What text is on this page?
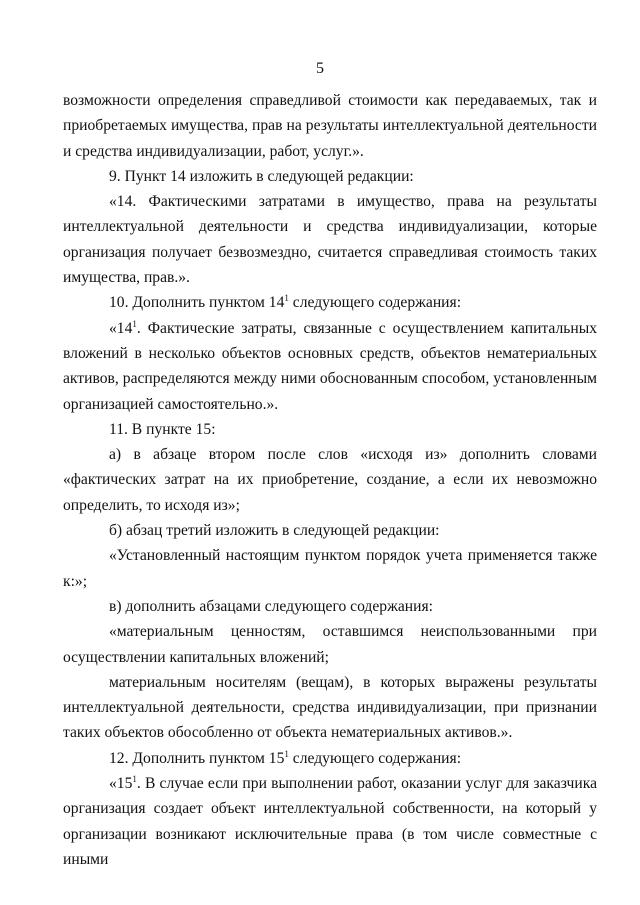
5

возможности определения справедливой стоимости как передаваемых, так и приобретаемых имущества, прав на результаты интеллектуальной деятельности и средства индивидуализации, работ, услуг.».

9. Пункт 14 изложить в следующей редакции:

«14. Фактическими затратами в имущество, права на результаты интеллектуальной деятельности и средства индивидуализации, которые организация получает безвозмездно, считается справедливая стоимость таких имущества, прав.».

10. Дополнить пунктом $14^1$ следующего содержания:

«$14^1$. Фактические затраты, связанные с осуществлением капитальных вложений в несколько объектов основных средств, объектов нематериальных активов, распределяются между ними обоснованным способом, установленным организацией самостоятельно.».

11. В пункте 15:

а) в абзаце втором после слов «исходя из» дополнить словами «фактических затрат на их приобретение, создание, а если их невозможно определить, то исходя из»;

б) абзац третий изложить в следующей редакции:

«Установленный настоящим пунктом порядок учета применяется также к:»;

в) дополнить абзацами следующего содержания:

«материальным ценностям, оставшимся неиспользованными при осуществлении капитальных вложений;

материальным носителям (вещам), в которых выражены результаты интеллектуальной деятельности, средства индивидуализации, при признании таких объектов обособленно от объекта нематериальных активов.».

12. Дополнить пунктом $15^1$ следующего содержания:

«$15^1$. В случае если при выполнении работ, оказании услуг для заказчика организация создает объект интеллектуальной собственности, на который у организации возникают исключительные права (в том числе совместные с иными
